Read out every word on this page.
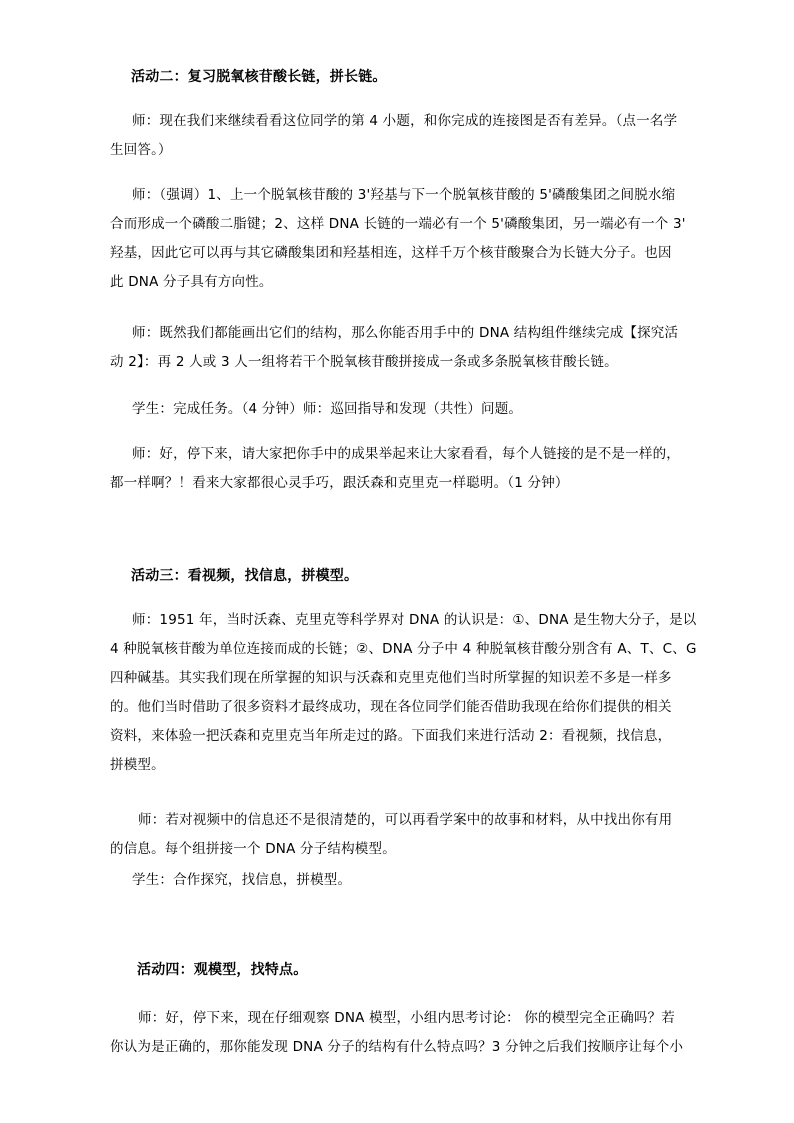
活动二：复习脱氧核苷酸长链，拼长链。
师：现在我们来继续看看这位同学的第 4 小题，和你完成的连接图是否有差异。（点一名学
生回答。）
师：（强调）1、上一个脱氧核苷酸的 3'羟基与下一个脱氧核苷酸的 5'磷酸集团之间脱水缩
合而形成一个磷酸二脂键；2、这样 DNA 长链的一端必有一个 5'磷酸集团，另一端必有一个 3'
羟基，因此它可以再与其它磷酸集团和羟基相连，这样千万个核苷酸聚合为长链大分子。也因
此 DNA 分子具有方向性。
师：既然我们都能画出它们的结构，那么你能否用手中的 DNA 结构组件继续完成【探究活
动 2】：再 2 人或 3 人一组将若干个脱氧核苷酸拼接成一条或多条脱氧核苷酸长链。
学生：完成任务。（4 分钟）师：巡回指导和发现（共性）问题。
师：好，停下来，请大家把你手中的成果举起来让大家看看，每个人链接的是不是一样的，
都一样啊？！看来大家都很心灵手巧，跟沃森和克里克一样聪明。（1 分钟）
活动三：看视频，找信息，拼模型。
师：1951 年，当时沃森、克里克等科学界对 DNA 的认识是：①、DNA 是生物大分子，是以
4 种脱氧核苷酸为单位连接而成的长链；②、DNA 分子中 4 种脱氧核苷酸分别含有 A、T、C、G
四种碱基。其实我们现在所掌握的知识与沃森和克里克他们当时所掌握的知识差不多是一样多
的。他们当时借助了很多资料才最终成功，现在各位同学们能否借助我现在给你们提供的相关
资料，来体验一把沃森和克里克当年所走过的路。下面我们来进行活动 2：看视频，找信息，
拼模型。
师：若对视频中的信息还不是很清楚的，可以再看学案中的故事和材料，从中找出你有用
的信息。每个组拼接一个 DNA 分子结构模型。
学生：合作探究，找信息，拼模型。
活动四：观模型，找特点。
师：好，停下来，现在仔细观察 DNA 模型，小组内思考讨论： 你的模型完全正确吗？若
你认为是正确的，那你能发现 DNA 分子的结构有什么特点吗？3 分钟之后我们按顺序让每个小
